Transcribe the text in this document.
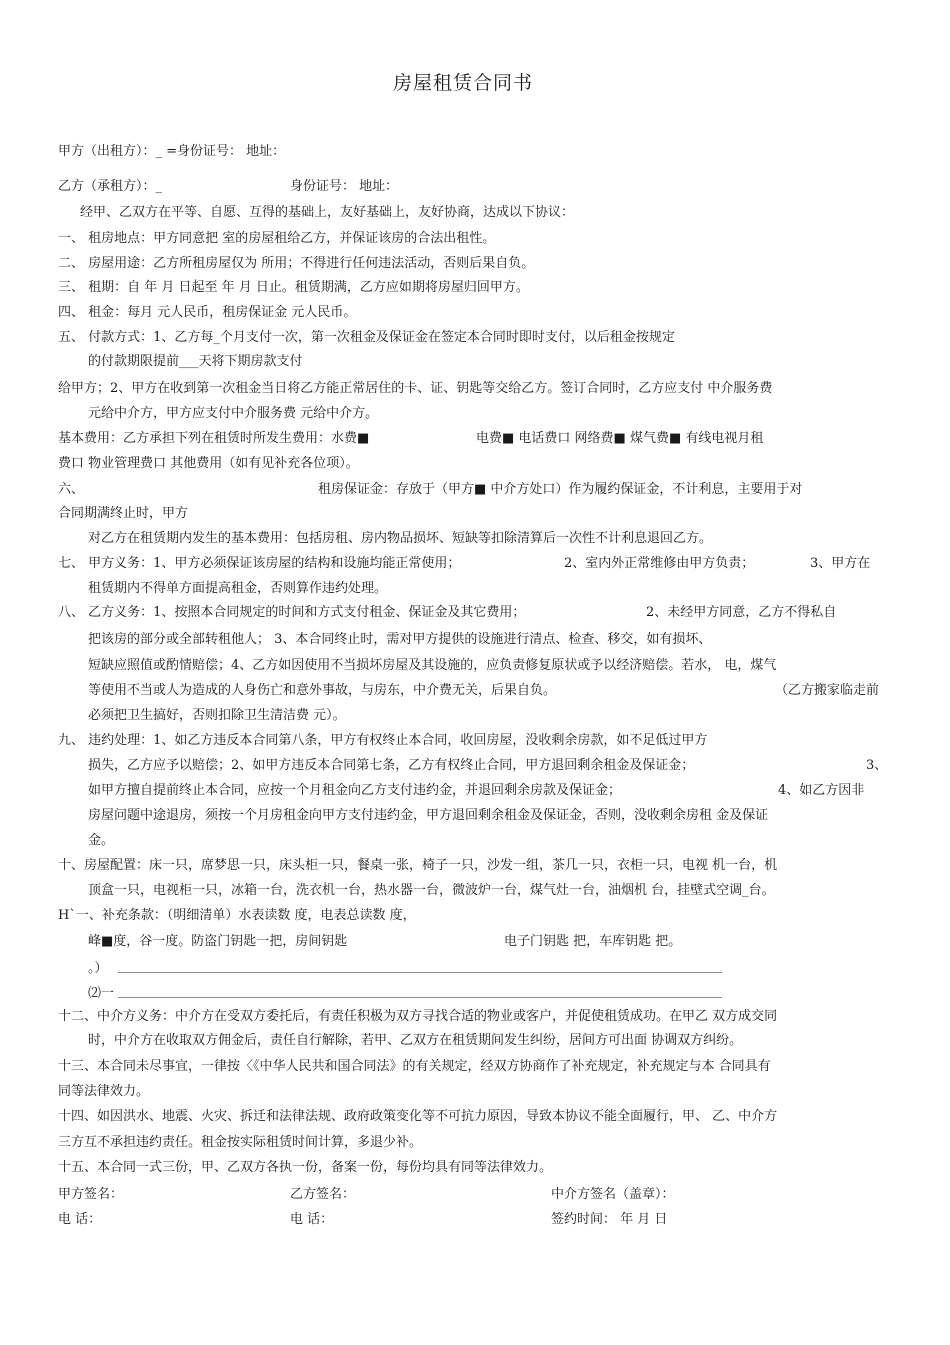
房屋租赁合同书
甲方（出租方）：_ =身份证号： 地址：
乙方（承租方）：_	身份证号： 地址：
经甲、乙双方在平等、自愿、互得的基础上，友好基础上，友好协商，达成以下协议：
一、 租房地点：甲方同意把 室的房屋租给乙方，并保证该房的合法出租性。
二、 房屋用途：乙方所租房屋仅为 所用；不得进行任何违法活动，否则后果自负。
三、 租期：自 年 月 日起至 年 月 日止。租赁期满，乙方应如期将房屋归回甲方。
四、 租金：每月 元人民币，租房保证金 元人民币。
五、 付款方式：1、乙方每_个月支付一次，第一次租金及保证金在签定本合同时即时支付，以后租金按规定
的付款期限提前___天将下期房款支付
给甲方；2、甲方在收到第一次租金当日将乙方能正常居住的卡、证、钥匙等交给乙方。签订合同时，乙方应支付 中介服务费
元给中介方，甲方应支付中介服务费 元给中介方。
基本费用：乙方承担下列在租赁时所发生费用：水费■	电费■ 电话费口 网络费■ 煤气费■ 有线电视月租
费口 物业管理费口 其他费用（如有见补充各位项）。
六、	租房保证金：存放于（甲方■ 中介方处口）作为履约保证金，不计利息，主要用于对
合同期满终止时，甲方
对乙方在租赁期内发生的基本费用：包括房租、房内物品损坏、短缺等扣除清算后一次性不计利息退回乙方。
七、 甲方义务：1、甲方必须保证该房屋的结构和设施均能正常使用；	2、室内外正常维修由甲方负责；	3、甲方在
租赁期内不得单方面提高租金，否则算作违约处理。
八、 乙方义务：1、按照本合同规定的时间和方式支付租金、保证金及其它费用；	2、未经甲方同意，乙方不得私自
把该房的部分或全部转租他人； 3、本合同终止时，需对甲方提供的设施进行清点、检查、移交，如有损坏、
短缺应照值或酌情赔偿；4、乙方如因使用不当损坏房屋及其设施的，应负责修复原状或予以经济赔偿。若水， 电，煤气
等使用不当或人为造成的人身伤亡和意外事故，与房东，中介费无关，后果自负。	（乙方搬家临走前
必须把卫生搞好，否则扣除卫生清洁费 元）。
九、 违约处理：1、如乙方违反本合同第八条，甲方有权终止本合同，收回房屋，没收剩余房款，如不足低过甲方
损失，乙方应予以赔偿；2、如甲方违反本合同第七条，乙方有权终止合同，甲方退回剩余租金及保证金；	3、
如甲方擅自提前终止本合同，应按一个月租金向乙方支付违约金，并退回剩余房款及保证金；	4、如乙方因非
房屋问题中途退房，须按一个月房租金向甲方支付违约金，甲方退回剩余租金及保证金，否则，没收剩余房租 金及保证
金。
十、房屋配置：床一只，席梦思一只，床头柜一只，餐桌一张，椅子一只，沙发一组，茶几一只，衣柜一只，电视 机一台，机
顶盒一只，电视柜一只，冰箱一台，洗衣机一台，热水器一台，微波炉一台，煤气灶一台，油烟机 台，挂壁式空调_台。
H`一、补充条款：（明细清单）水表读数 度，电表总读数 度，
峰■度，谷一度。防盗门钥匙一把，房间钥匙	电子门钥匙 把，车库钥匙 把。
。）
⑵一
十二、中介方义务：中介方在受双方委托后，有责任积极为双方寻找合适的物业或客户，并促使租赁成功。在甲乙 双方成交同
时，中介方在收取双方佣金后，责任自行解除，若甲、乙双方在租赁期间发生纠纷，居间方可出面 协调双方纠纷。
十三、本合同未尽事宜，一律按〈《中华人民共和国合同法》的有关规定，经双方协商作了补充规定，补充规定与本 合同具有
同等法律效力。
十四、如因洪水、地震、火灾、拆迁和法律法规、政府政策变化等不可抗力原因，导致本协议不能全面履行，甲、 乙、中介方
三方互不承担违约责任。租金按实际租赁时间计算，多退少补。
十五、本合同一式三份，甲、乙双方各执一份，备案一份，每份均具有同等法律效力。
甲方签名：	乙方签名：	中介方签名（盖章）：
电 话：	电 话：	签约时间： 年 月 日
